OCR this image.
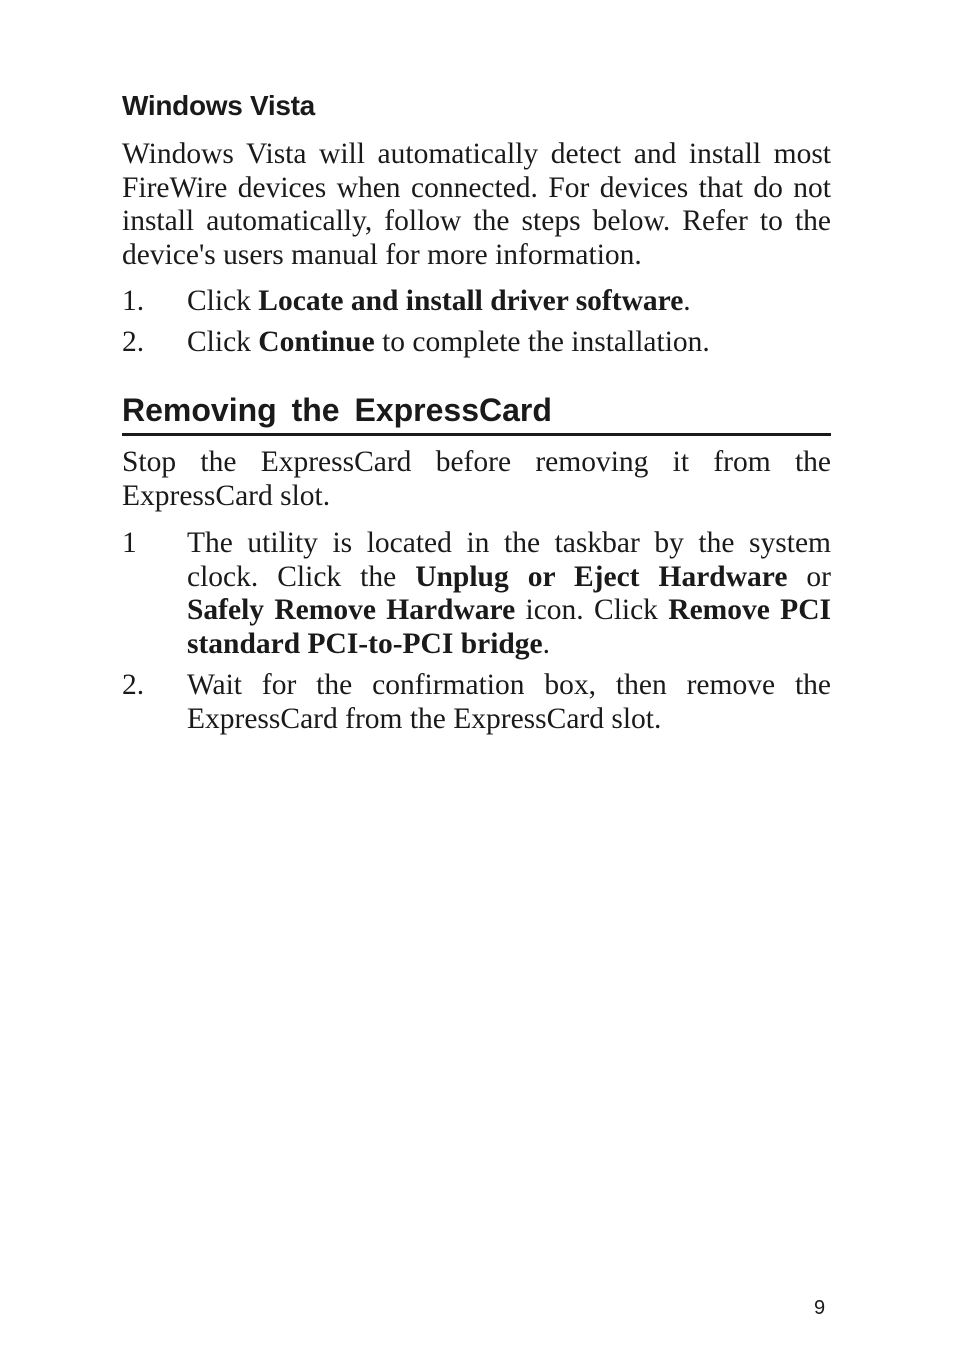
Windows Vista

Windows Vista will automatically detect and install most FireWire devices when connected. For devices that do not install automatically, follow the steps below. Refer to the device's users manual for more information.

1. Click Locate and install driver software.
2. Click Continue to complete the installation.
Removing the ExpressCard

Stop the ExpressCard before removing it from the ExpressCard slot.

1 The utility is located in the taskbar by the system clock. Click the Unplug or Eject Hardware or Safely Remove Hardware icon. Click Remove PCI standard PCI-to-PCI bridge.
2. Wait for the confirmation box, then remove the ExpressCard from the ExpressCard slot.
9
